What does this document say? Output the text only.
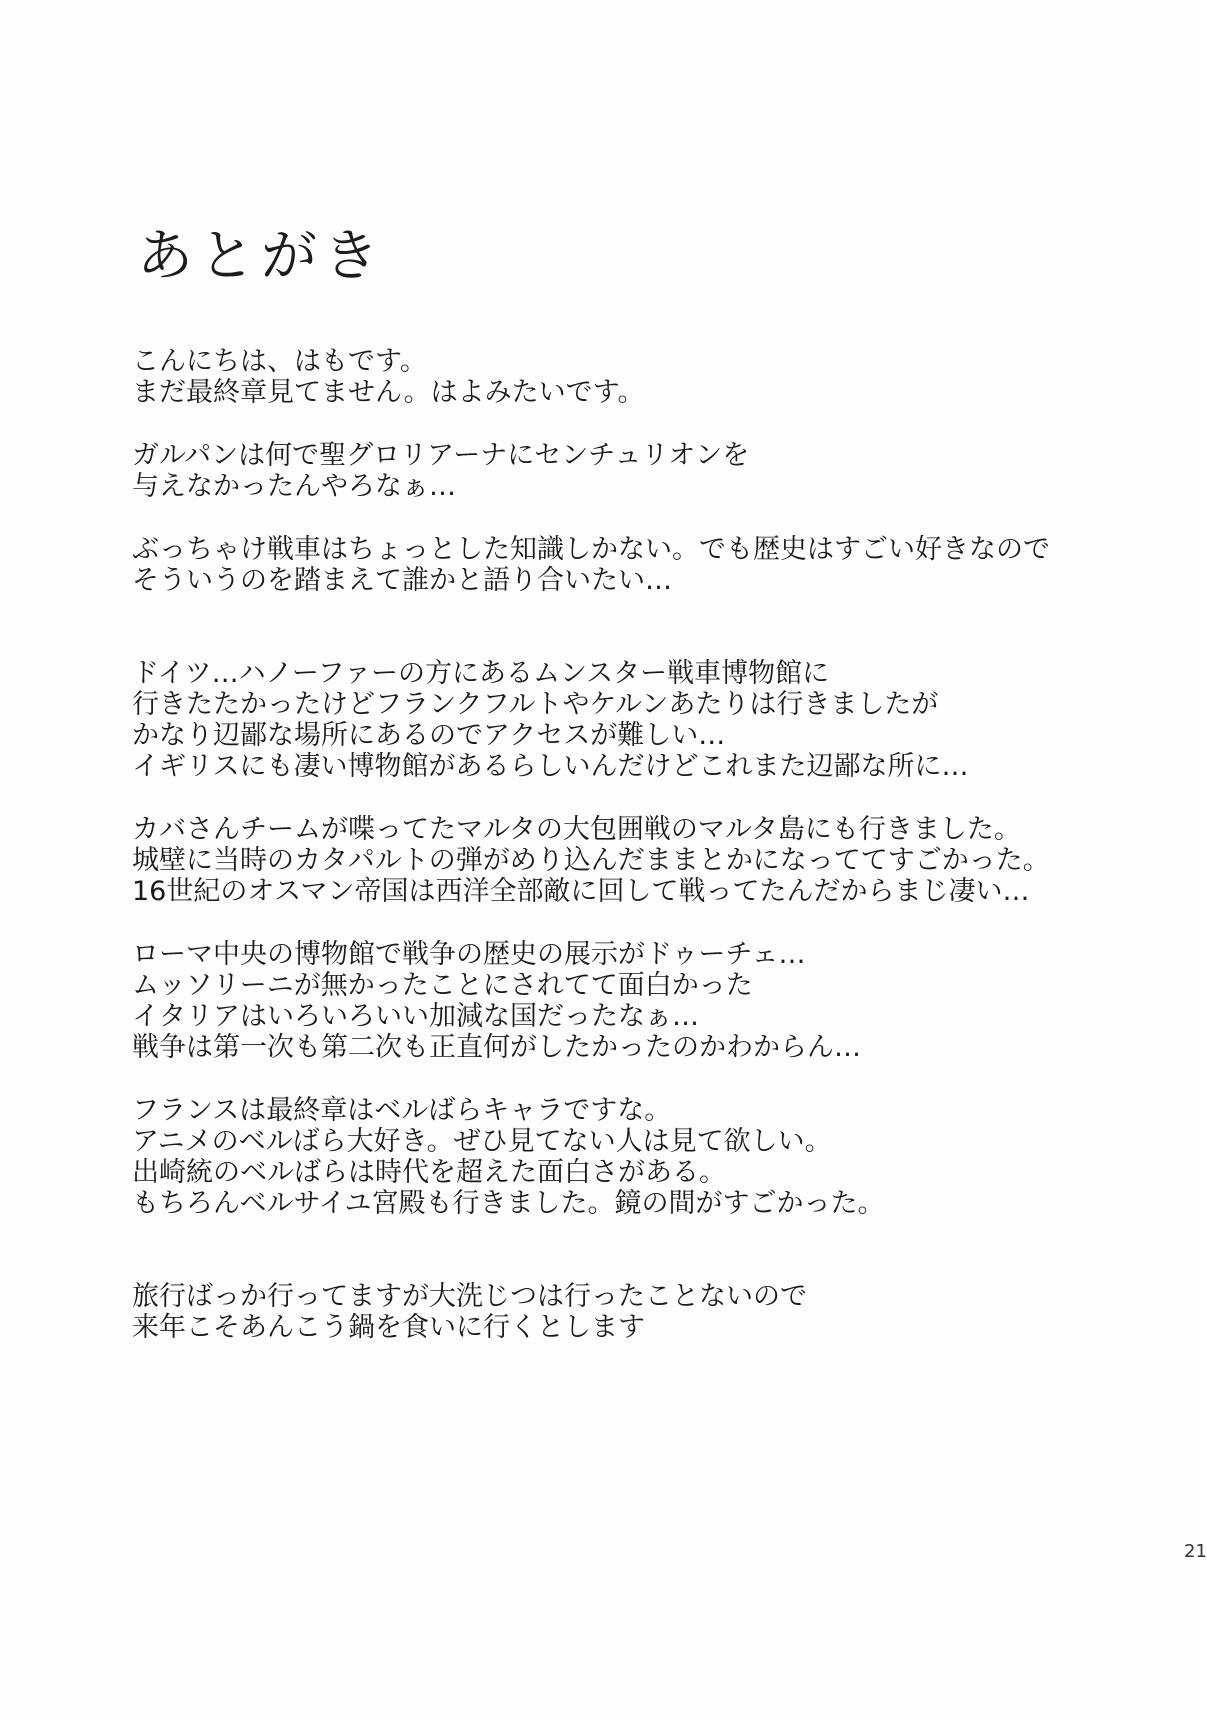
あとがき

こんにちは、はもです。
まだ最終章見てません。はよみたいです。

ガルパンは何で聖グロリアーナにセンチュリオンを
与えなかったんやろなぁ…

ぶっちゃけ戦車はちょっとした知識しかない。でも歴史はすごい好きなので
そういうのを踏まえて誰かと語り合いたい…

ドイツ…ハノーファーの方にあるムンスター戦車博物館に
行きたたかったけどフランクフルトやケルンあたりは行きましたが
かなり辺鄙な場所にあるのでアクセスが難しい…
イギリスにも凄い博物館があるらしいんだけどこれまた辺鄙な所に…

カバさんチームが喋ってたマルタの大包囲戦のマルタ島にも行きました。
城壁に当時のカタパルトの弾がめり込んだままとかになっててすごかった。
16世紀のオスマン帝国は西洋全部敵に回して戦ってたんだからまじ凄い…

ローマ中央の博物館で戦争の歴史の展示がドゥーチェ…
ムッソリーニが無かったことにされてて面白かった
イタリアはいろいろいい加減な国だったなぁ…
戦争は第一次も第二次も正直何がしたかったのかわからん…

フランスは最終章はベルばらキャラですな。
アニメのベルばら大好き。ぜひ見てない人は見て欲しい。
出崎統のベルばらは時代を超えた面白さがある。
もちろんベルサイユ宮殿も行きました。鏡の間がすごかった。

旅行ばっか行ってますが大洗じつは行ったことないので
来年こそあんこう鍋を食いに行くとします

21
